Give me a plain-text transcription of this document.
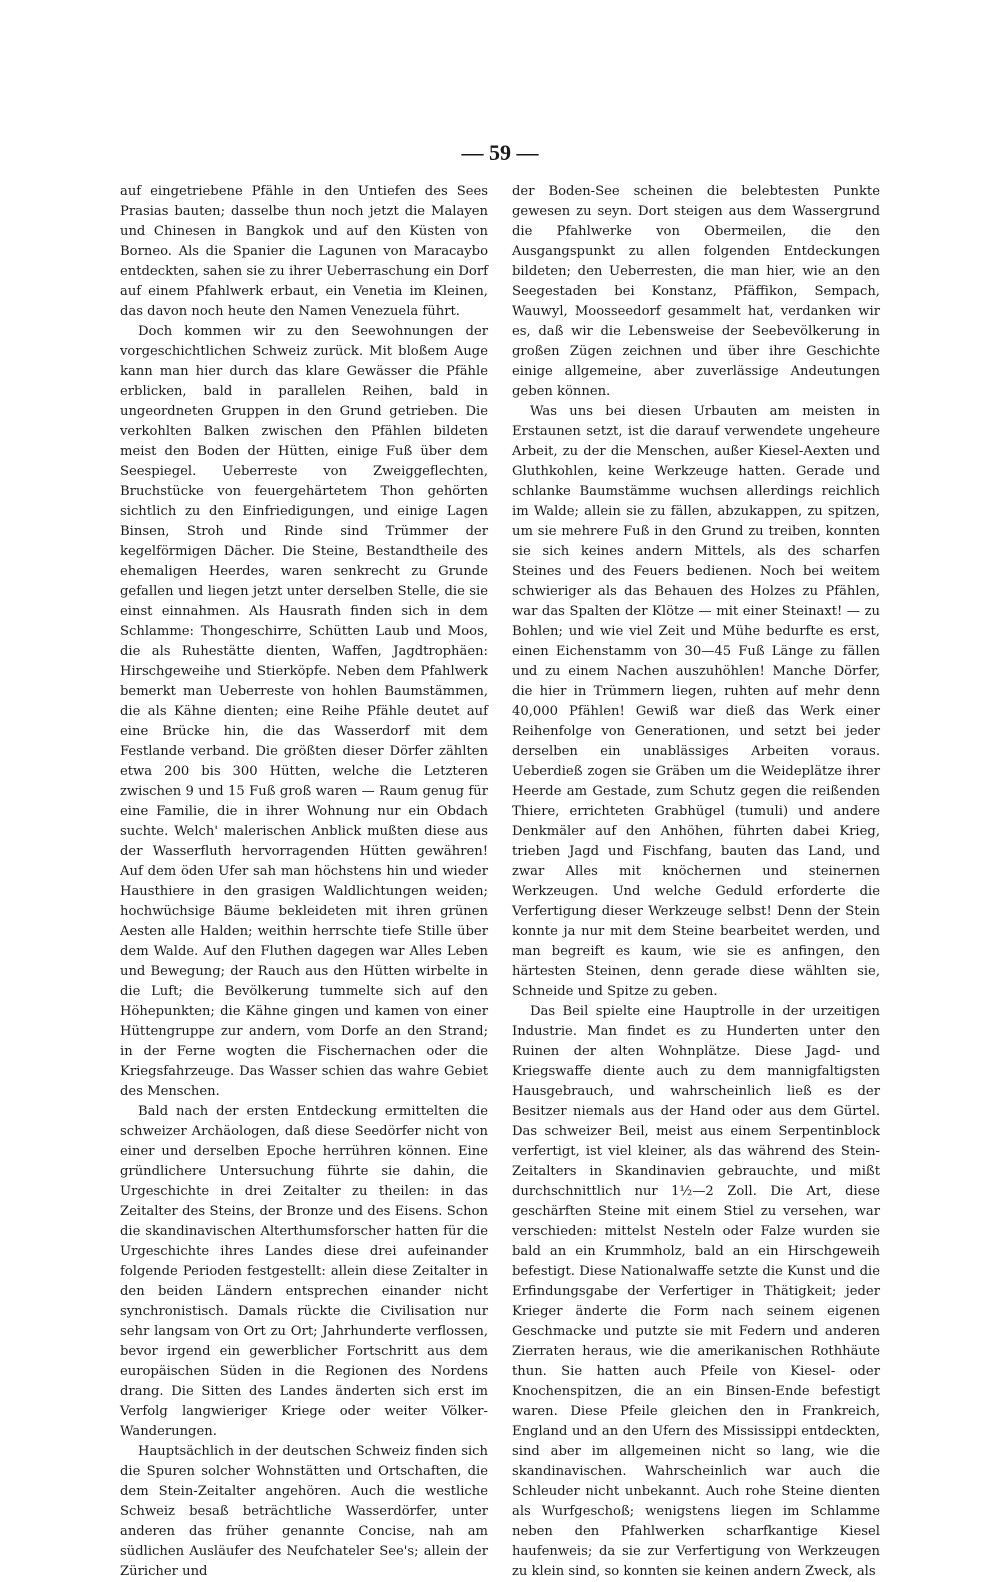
— 59 —

auf eingetriebene Pfähle in den Untiefen des Sees Prasias bauten; dasselbe thun noch jetzt die Malayen und Chinesen in Bangkok und auf den Küsten von Borneo. Als die Spanier die Lagunen von Maracaybo entdeckten, sahen sie zu ihrer Ueberraschung ein Dorf auf einem Pfahlwerk erbaut, ein Venetia im Kleinen, das davon noch heute den Namen Venezuela führt.

Doch kommen wir zu den Seewohnungen der vorgeschichtlichen Schweiz zurück. Mit bloßem Auge kann man hier durch das klare Gewässer die Pfähle erblicken, bald in parallelen Reihen, bald in ungeordneten Gruppen in den Grund getrieben. Die verkohlten Balken zwischen den Pfählen bildeten meist den Boden der Hütten, einige Fuß über dem Seespiegel. Ueberreste von Zweiggeflechten, Bruchstücke von feuergehärtetem Thon gehörten sichtlich zu den Einfriedigungen, und einige Lagen Binsen, Stroh und Rinde sind Trümmer der kegelförmigen Dächer. Die Steine, Bestandtheile des ehemaligen Heerdes, waren senkrecht zu Grunde gefallen und liegen jetzt unter derselben Stelle, die sie einst einnahmen. Als Hausrath finden sich in dem Schlamme: Thongeschirre, Schütten Laub und Moos, die als Ruhestätte dienten, Waffen, Jagdtrophäen: Hirschgeweihe und Stierköpfe. Neben dem Pfahlwerk bemerkt man Ueberreste von hohlen Baumstämmen, die als Kähne dienten; eine Reihe Pfähle deutet auf eine Brücke hin, die das Wasserdorf mit dem Festlande verband. Die größten dieser Dörfer zählten etwa 200 bis 300 Hütten, welche die Letzteren zwischen 9 und 15 Fuß groß waren — Raum genug für eine Familie, die in ihrer Wohnung nur ein Obdach suchte. Welch' malerischen Anblick mußten diese aus der Wasserfluth hervorragenden Hütten gewähren! Auf dem öden Ufer sah man höchstens hin und wieder Hausthiere in den grasigen Waldlichtungen weiden; hochwüchsige Bäume bekleideten mit ihren grünen Aesten alle Halden; weithin herrschte tiefe Stille über dem Walde. Auf den Fluthen dagegen war Alles Leben und Bewegung; der Rauch aus den Hütten wirbelte in die Luft; die Bevölkerung tummelte sich auf den Höhepunkten; die Kähne gingen und kamen von einer Hüttengruppe zur andern, vom Dorfe an den Strand; in der Ferne wogten die Fischernachen oder die Kriegsfahrzeuge. Das Wasser schien das wahre Gebiet des Menschen.

Bald nach der ersten Entdeckung ermittelten die schweizer Archäologen, daß diese Seedörfer nicht von einer und derselben Epoche herrühren können. Eine gründlichere Untersuchung führte sie dahin, die Urgeschichte in drei Zeitalter zu theilen: in das Zeitalter des Steins, der Bronze und des Eisens. Schon die skandinavischen Alterthumsforscher hatten für die Urgeschichte ihres Landes diese drei aufeinander folgende Perioden festgestellt: allein diese Zeitalter in den beiden Ländern entsprechen einander nicht synchronistisch. Damals rückte die Civilisation nur sehr langsam von Ort zu Ort; Jahrhunderte verflossen, bevor irgend ein gewerblicher Fortschritt aus dem europäischen Süden in die Regionen des Nordens drang. Die Sitten des Landes änderten sich erst im Verfolg langwieriger Kriege oder weiter Völker-Wanderungen.

Hauptsächlich in der deutschen Schweiz finden sich die Spuren solcher Wohnstätten und Ortschaften, die dem Stein-Zeitalter angehören. Auch die westliche Schweiz besaß beträchtliche Wasserdörfer, unter anderen das früher genannte Concise, nah am südlichen Ausläufer des Neufchateler See's; allein der Züricher und

der Boden-See scheinen die belebtesten Punkte gewesen zu seyn. Dort steigen aus dem Wassergrund die Pfahlwerke von Obermeilen, die den Ausgangspunkt zu allen folgenden Entdeckungen bildeten; den Ueberresten, die man hier, wie an den Seegestaden bei Konstanz, Pfäffikon, Sempach, Wauwyl, Moosseedorf gesammelt hat, verdanken wir es, daß wir die Lebensweise der Seebevölkerung in großen Zügen zeichnen und über ihre Geschichte einige allgemeine, aber zuverlässige Andeutungen geben können.

Was uns bei diesen Urbauten am meisten in Erstaunen setzt, ist die darauf verwendete ungeheure Arbeit, zu der die Menschen, außer Kiesel-Aexten und Gluthkohlen, keine Werkzeuge hatten. Gerade und schlanke Baumstämme wuchsen allerdings reichlich im Walde; allein sie zu fällen, abzukappen, zu spitzen, um sie mehrere Fuß in den Grund zu treiben, konnten sie sich keines andern Mittels, als des scharfen Steines und des Feuers bedienen. Noch bei weitem schwieriger als das Behauen des Holzes zu Pfählen, war das Spalten der Klötze — mit einer Steinaxt! — zu Bohlen; und wie viel Zeit und Mühe bedurfte es erst, einen Eichenstamm von 30—45 Fuß Länge zu fällen und zu einem Nachen auszuhöhlen! Manche Dörfer, die hier in Trümmern liegen, ruhten auf mehr denn 40,000 Pfählen! Gewiß war dieß das Werk einer Reihenfolge von Generationen, und setzt bei jeder derselben ein unablässiges Arbeiten voraus. Ueberdieß zogen sie Gräben um die Weideplätze ihrer Heerde am Gestade, zum Schutz gegen die reißenden Thiere, errichteten Grabhügel (tumuli) und andere Denkmäler auf den Anhöhen, führten dabei Krieg, trieben Jagd und Fischfang, bauten das Land, und zwar Alles mit knöchernen und steinernen Werkzeugen. Und welche Geduld erforderte die Verfertigung dieser Werkzeuge selbst! Denn der Stein konnte ja nur mit dem Steine bearbeitet werden, und man begreift es kaum, wie sie es anfingen, den härtesten Steinen, denn gerade diese wählten sie, Schneide und Spitze zu geben.

Das Beil spielte eine Hauptrolle in der urzeitigen Industrie. Man findet es zu Hunderten unter den Ruinen der alten Wohnplätze. Diese Jagd- und Kriegswaffe diente auch zu dem mannigfaltigsten Hausgebrauch, und wahrscheinlich ließ es der Besitzer niemals aus der Hand oder aus dem Gürtel. Das schweizer Beil, meist aus einem Serpentinblock verfertigt, ist viel kleiner, als das während des Stein-Zeitalters in Skandinavien gebrauchte, und mißt durchschnittlich nur 1½—2 Zoll. Die Art, diese geschärften Steine mit einem Stiel zu versehen, war verschieden: mittelst Nesteln oder Falze wurden sie bald an ein Krummholz, bald an ein Hirschgeweih befestigt. Diese Nationalwaffe setzte die Kunst und die Erfindungsgabe der Verfertiger in Thätigkeit; jeder Krieger änderte die Form nach seinem eigenen Geschmacke und putzte sie mit Federn und anderen Zierraten heraus, wie die amerikanischen Rothhäute thun. Sie hatten auch Pfeile von Kiesel- oder Knochenspitzen, die an ein Binsen-Ende befestigt waren. Diese Pfeile gleichen den in Frankreich, England und an den Ufern des Mississippi entdeckten, sind aber im allgemeinen nicht so lang, wie die skandinavischen. Wahrscheinlich war auch die Schleuder nicht unbekannt. Auch rohe Steine dienten als Wurfgeschoß; wenigstens liegen im Schlamme neben den Pfahlwerken scharfkantige Kiesel haufenweis; da sie zur Verfertigung von Werkzeugen zu klein sind, so konnten sie keinen andern Zweck, als
